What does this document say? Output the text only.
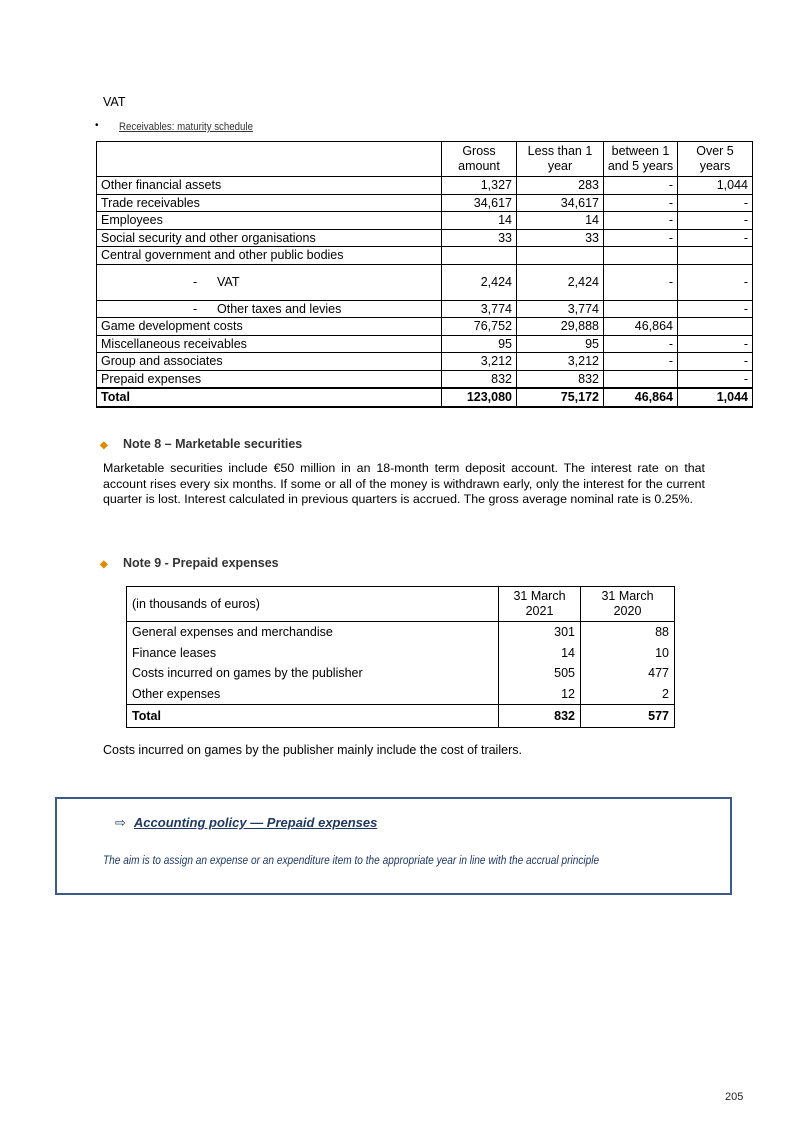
VAT
• Receivables: maturity schedule
	Gross amount	Less than 1 year	between 1 and 5 years	Over 5 years
Other financial assets	1,327	283	-	1,044
Trade receivables	34,617	34,617	-	-
Employees	14	14	-	-
Social security and other organisations	33	33	-	-
Central government and other public bodies				
- VAT	2,424	2,424	-	-
- Other taxes and levies	3,774	3,774		-
Game development costs	76,752	29,888	46,864	
Miscellaneous receivables	95	95	-	-
Group and associates	3,212	3,212	-	-
Prepaid expenses	832	832		-
Total	123,080	75,172	46,864	1,044
◆ Note 8 – Marketable securities
Marketable securities include €50 million in an 18-month term deposit account. The interest rate on that account rises every six months. If some or all of the money is withdrawn early, only the interest for the current quarter is lost. Interest calculated in previous quarters is accrued. The gross average nominal rate is 0.25%.
◆ Note 9 - Prepaid expenses
(in thousands of euros)	31 March 2021	31 March 2020
General expenses and merchandise	301	88
Finance leases	14	10
Costs incurred on games by the publisher	505	477
Other expenses	12	2
Total	832	577
Costs incurred on games by the publisher mainly include the cost of trailers.
⇨ Accounting policy — Prepaid expenses
The aim is to assign an expense or an expenditure item to the appropriate year in line with the accrual principle
205
